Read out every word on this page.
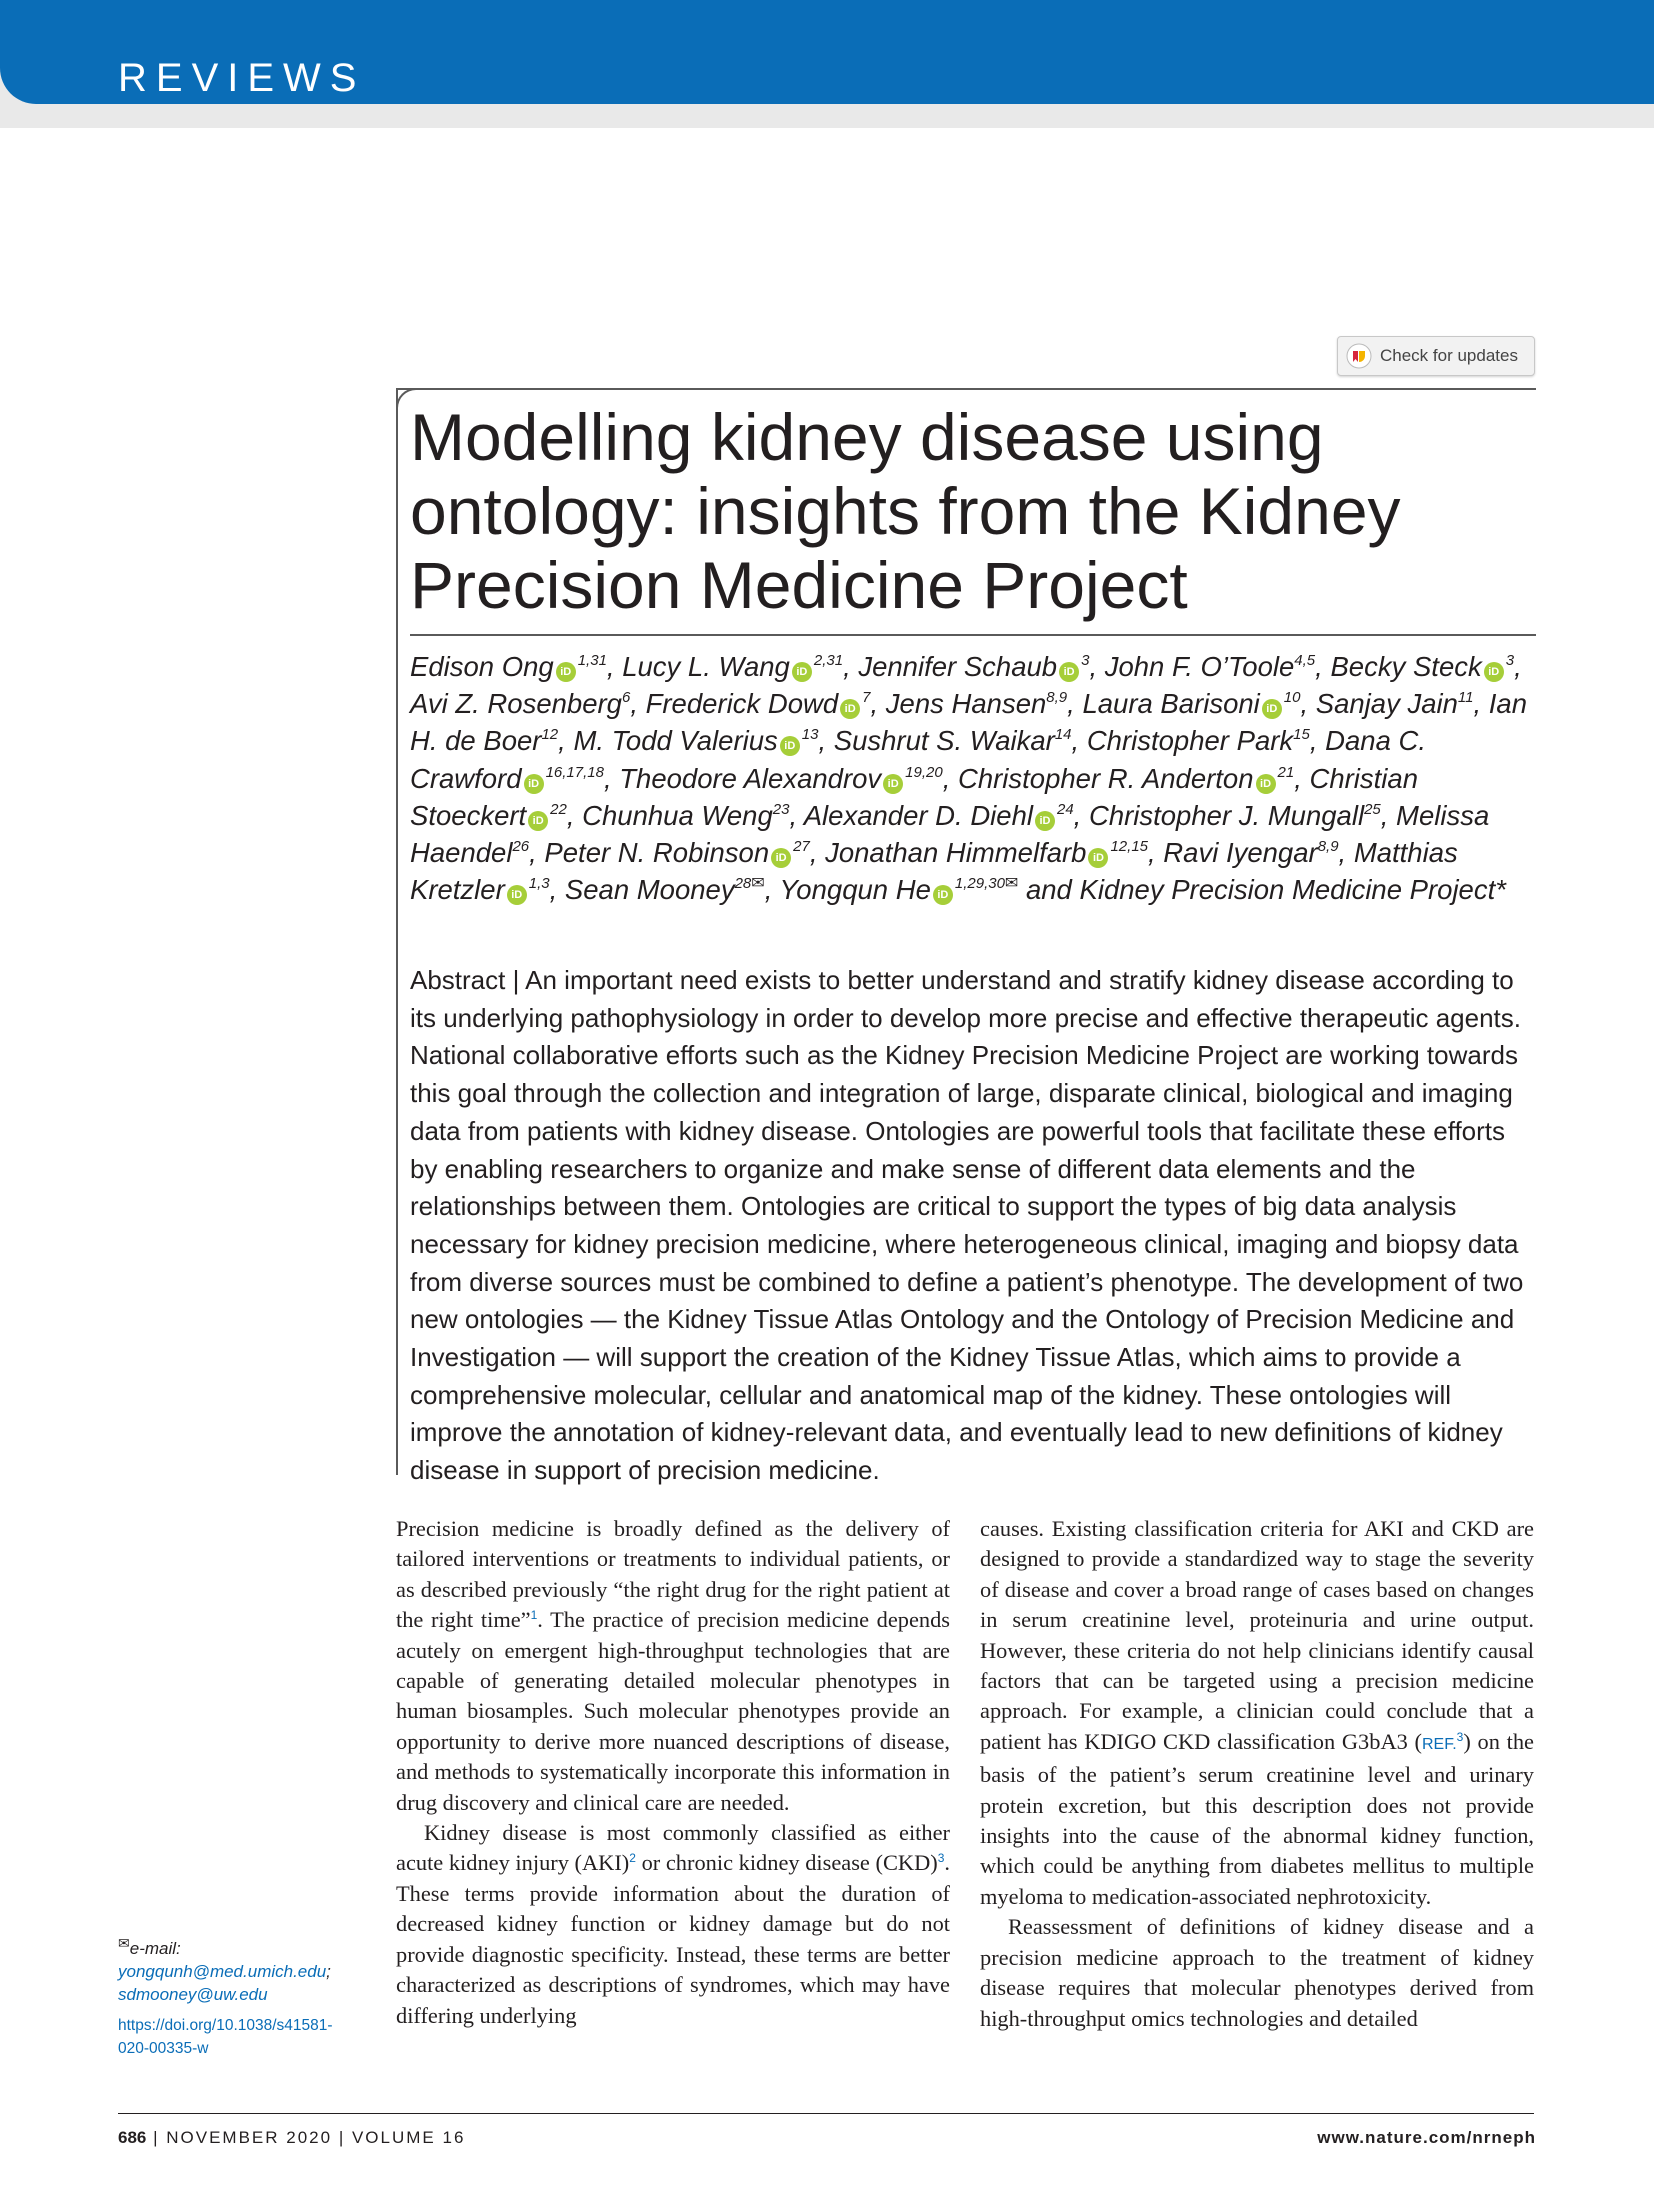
REVIEWS
Check for updates
Modelling kidney disease using ontology: insights from the Kidney Precision Medicine Project
Edison Ong iD$^{1,31}$, Lucy L. Wang iD$^{2,31}$, Jennifer Schaub $iD^3$, John F. O’Toole$^{4,5}$, Becky Steck $iD^3$, Avi Z. Rosenberg$^6$, Frederick Dowd $iD^7$, Jens Hansen$^{8,9}$, Laura Barisoni $iD^{10}$, Sanjay Jain$^{11}$, Ian H. de Boer$^{12}$, M. Todd Valerius $iD^{13}$, Sushrut S. Waikar$^{14}$, Christopher Park$^{15}$, Dana C. Crawford iD$^{16,17,18}$, Theodore Alexandrov iD$^{19,20}$, Christopher R. Anderton $iD^{21}$, Christian Stoeckert $iD^{22}$, Chunhua Weng$^{23}$, Alexander D. Diehl $iD^{24}$, Christopher J. Mungall$^{25}$, Melissa Haendel$^{26}$, Peter N. Robinson $iD^{27}$, Jonathan Himmelfarb iD$^{12,15}$, Ravi Iyengar$^{8,9}$, Matthias Kretzler iD$^{1,3}$, Sean Mooney$^{28✉}$, Yongqun He $iD^{1,29,30✉}$ and Kidney Precision Medicine Project*

Abstract | An important need exists to better understand and stratify kidney disease according to its underlying pathophysiology in order to develop more precise and effective therapeutic agents. National collaborative efforts such as the Kidney Precision Medicine Project are working towards this goal through the collection and integration of large, disparate clinical, biological and imaging data from patients with kidney disease. Ontologies are powerful tools that facilitate these efforts by enabling researchers to organize and make sense of different data elements and the relationships between them. Ontologies are critical to support the types of big data analysis necessary for kidney precision medicine, where heterogeneous clinical, imaging and biopsy data from diverse sources must be combined to define a patient’s phenotype. The development of two new ontologies — the Kidney Tissue Atlas Ontology and the Ontology of Precision Medicine and Investigation — will support the creation of the Kidney Tissue Atlas, which aims to provide a comprehensive molecular, cellular and anatomical map of the kidney. These ontologies will improve the annotation of kidney-relevant data, and eventually lead to new definitions of kidney disease in support of precision medicine.

Precision medicine is broadly defined as the delivery of tailored interventions or treatments to individual patients, or as described previously “the right drug for the right patient at the right time”$^1$. The practice of precision medicine depends acutely on emergent high-throughput technologies that are capable of generating detailed molecular phenotypes in human biosamples. Such molecular phenotypes provide an opportunity to derive more nuanced descriptions of disease, and methods to systematically incorporate this information in drug discovery and clinical care are needed.

Kidney disease is most commonly classified as either acute kidney injury (AKI)$^2$ or chronic kidney disease (CKD)$^3$. These terms provide information about the duration of decreased kidney function or kidney damage but do not provide diagnostic specificity. Instead, these terms are better characterized as descriptions of syndromes, which may have differing underlying

causes. Existing classification criteria for AKI and CKD are designed to provide a standardized way to stage the severity of disease and cover a broad range of cases based on changes in serum creatinine level, proteinuria and urine output. However, these criteria do not help clinicians identify causal factors that can be targeted using a precision medicine approach. For example, a clinician could conclude that a patient has KDIGO CKD classification G3bA3 (REF.$^3$) on the basis of the patient’s serum creatinine level and urinary protein excretion, but this description does not provide insights into the cause of the abnormal kidney function, which could be anything from diabetes mellitus to multiple myeloma to medication-associated nephrotoxicity.

Reassessment of definitions of kidney disease and a precision medicine approach to the treatment of kidney disease requires that molecular phenotypes derived from high-throughput omics technologies and detailed

✉e-mail: yongqunh@med.umich.edu; sdmooney@uw.edu
https://doi.org/10.1038/s41581-020-00335-w
686 | NOVEMBER 2020 | VOLUME 16	www.nature.com/nrneph
